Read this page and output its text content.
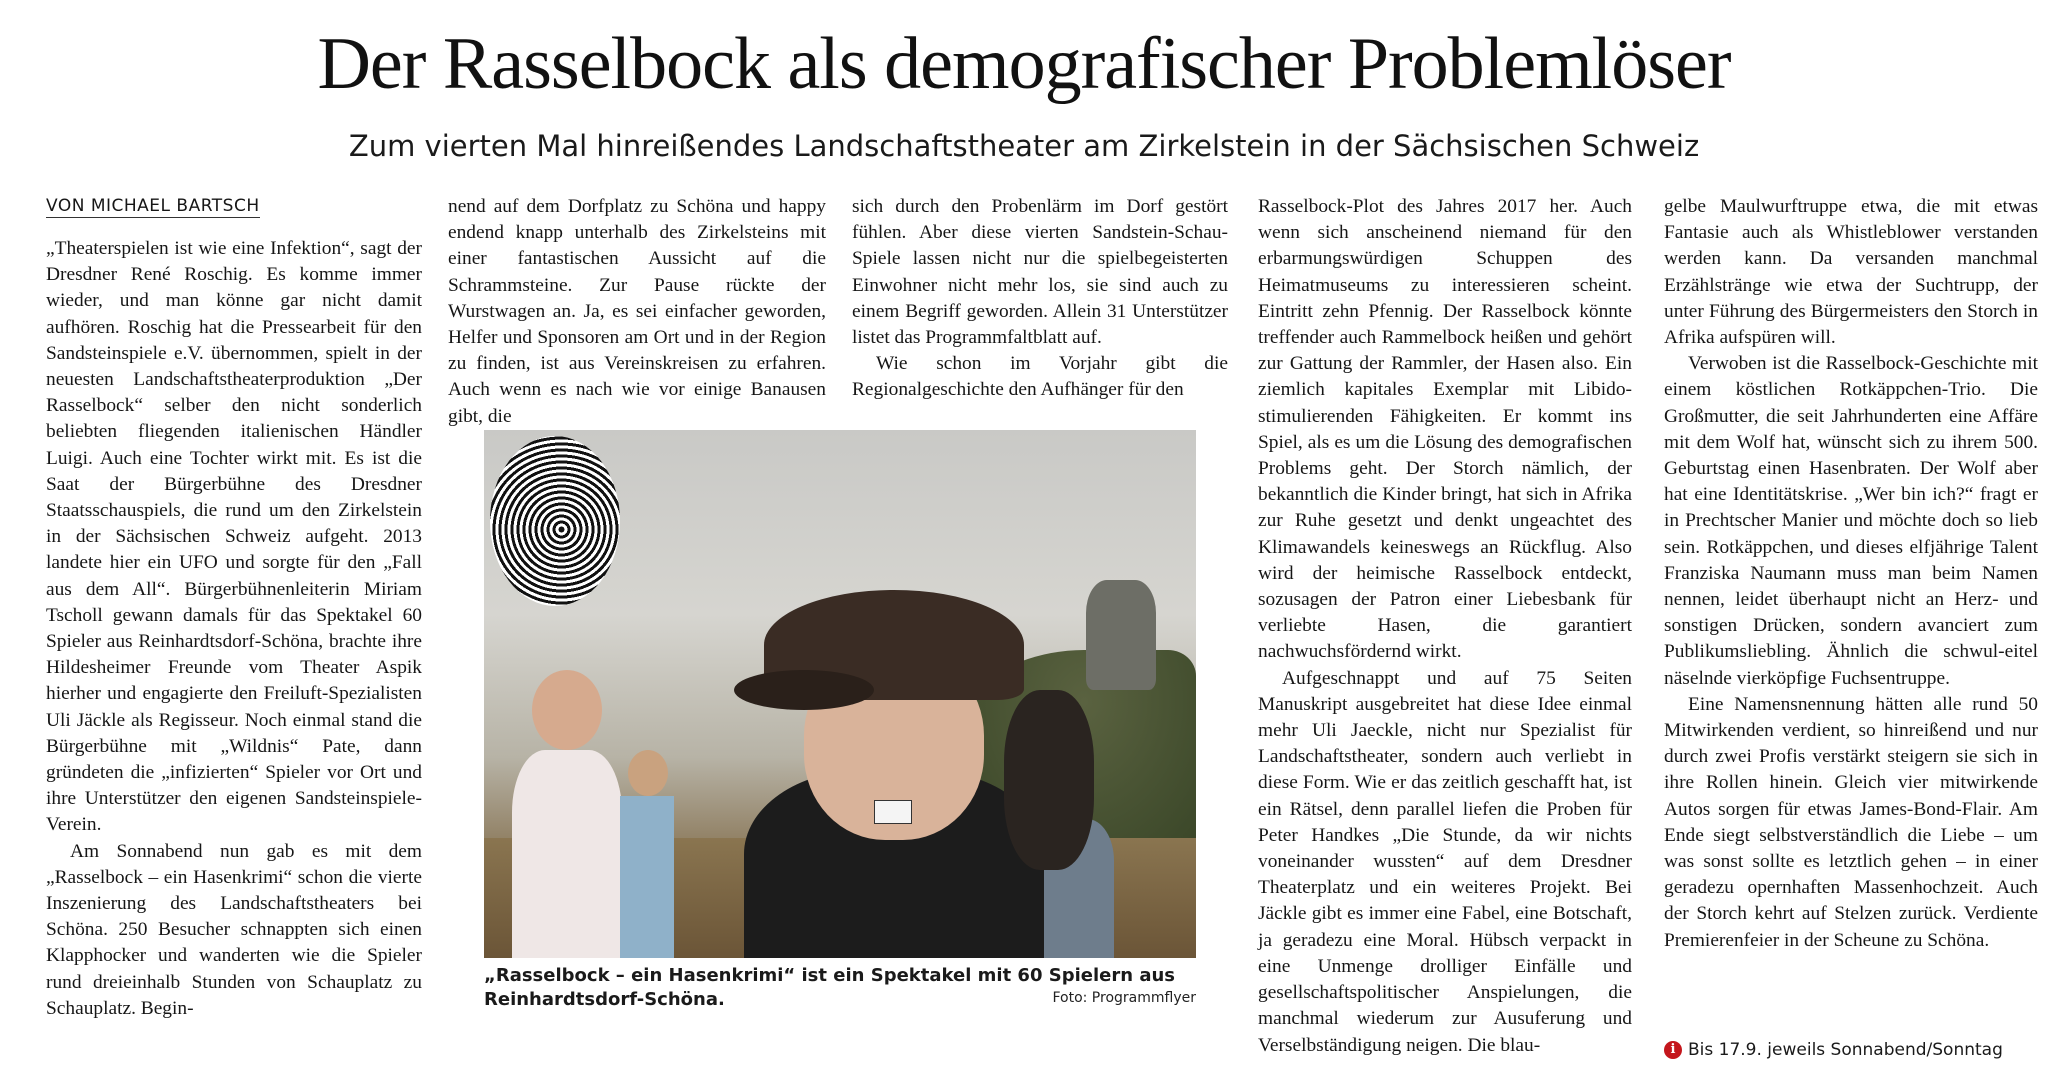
Der Rasselbock als demografischer Problemlöser
Zum vierten Mal hinreißendes Landschaftstheater am Zirkelstein in der Sächsischen Schweiz
VON MICHAEL BARTSCH

„Theaterspielen ist wie eine Infektion“, sagt der Dresdner René Roschig. Es komme immer wieder, und man könne gar nicht damit aufhören. Roschig hat die Pressearbeit für den Sandsteinspiele e.V. übernommen, spielt in der neuesten Landschaftstheaterproduktion „Der Rasselbock“ selber den nicht sonderlich beliebten fliegenden italienischen Händler Luigi. Auch eine Tochter wirkt mit. Es ist die Saat der Bürgerbühne des Dresdner Staatsschauspiels, die rund um den Zirkelstein in der Sächsischen Schweiz aufgeht. 2013 landete hier ein UFO und sorgte für den „Fall aus dem All“. Bürgerbühnenleiterin Miriam Tscholl gewann damals für das Spektakel 60 Spieler aus Reinhardtsdorf-Schöna, brachte ihre Hildesheimer Freunde vom Theater Aspik hierher und engagierte den Freiluft-Spezialisten Uli Jäckle als Regisseur. Noch einmal stand die Bürgerbühne mit „Wildnis“ Pate, dann gründeten die „infizierten“ Spieler vor Ort und ihre Unterstützer den eigenen Sandsteinspiele-Verein.

Am Sonnabend nun gab es mit dem „Rasselbock – ein Hasenkrimi“ schon die vierte Inszenierung des Landschaftstheaters bei Schöna. 250 Besucher schnappten sich einen Klapphocker und wanderten wie die Spieler rund dreieinhalb Stunden von Schauplatz zu Schauplatz. Begin-

nend auf dem Dorfplatz zu Schöna und happy endend knapp unterhalb des Zirkelsteins mit einer fantastischen Aussicht auf die Schrammsteine. Zur Pause rückte der Wurstwagen an. Ja, es sei einfacher geworden, Helfer und Sponsoren am Ort und in der Region zu finden, ist aus Vereinskreisen zu erfahren. Auch wenn es nach wie vor einige Banausen gibt, die

sich durch den Probenlärm im Dorf gestört fühlen. Aber diese vierten Sandstein-Schau-Spiele lassen nicht nur die spielbegeisterten Einwohner nicht mehr los, sie sind auch zu einem Begriff geworden. Allein 31 Unterstützer listet das Programmfaltblatt auf.

Wie schon im Vorjahr gibt die Regionalgeschichte den Aufhänger für den

Rasselbock-Plot des Jahres 2017 her. Auch wenn sich anscheinend niemand für den erbarmungswürdigen Schuppen des Heimatmuseums zu interessieren scheint. Eintritt zehn Pfennig. Der Rasselbock könnte treffender auch Rammelbock heißen und gehört zur Gattung der Rammler, der Hasen also. Ein ziemlich kapitales Exemplar mit Libido-stimulierenden Fähigkeiten. Er kommt ins Spiel, als es um die Lösung des demografischen Problems geht. Der Storch nämlich, der bekanntlich die Kinder bringt, hat sich in Afrika zur Ruhe gesetzt und denkt ungeachtet des Klimawandels keineswegs an Rückflug. Also wird der heimische Rasselbock entdeckt, sozusagen der Patron einer Liebesbank für verliebte Hasen, die garantiert nachwuchsfördernd wirkt.

Aufgeschnappt und auf 75 Seiten Manuskript ausgebreitet hat diese Idee einmal mehr Uli Jaeckle, nicht nur Spezialist für Landschaftstheater, sondern auch verliebt in diese Form. Wie er das zeitlich geschafft hat, ist ein Rätsel, denn parallel liefen die Proben für Peter Handkes „Die Stunde, da wir nichts voneinander wussten“ auf dem Dresdner Theaterplatz und ein weiteres Projekt. Bei Jäckle gibt es immer eine Fabel, eine Botschaft, ja geradezu eine Moral. Hübsch verpackt in eine Unmenge drolliger Einfälle und gesellschaftspolitischer Anspielungen, die manchmal wiederum zur Ausuferung und Verselbständigung neigen. Die blau-

gelbe Maulwurftruppe etwa, die mit etwas Fantasie auch als Whistleblower verstanden werden kann. Da versanden manchmal Erzählstränge wie etwa der Suchtrupp, der unter Führung des Bürgermeisters den Storch in Afrika aufspüren will.

Verwoben ist die Rasselbock-Geschichte mit einem köstlichen Rotkäppchen-Trio. Die Großmutter, die seit Jahrhunderten eine Affäre mit dem Wolf hat, wünscht sich zu ihrem 500. Geburtstag einen Hasenbraten. Der Wolf aber hat eine Identitätskrise. „Wer bin ich?“ fragt er in Prechtscher Manier und möchte doch so lieb sein. Rotkäppchen, und dieses elfjährige Talent Franziska Naumann muss man beim Namen nennen, leidet überhaupt nicht an Herz- und sonstigen Drücken, sondern avanciert zum Publikumsliebling. Ähnlich die schwul-eitel näselnde vierköpfige Fuchsentruppe.

Eine Namensnennung hätten alle rund 50 Mitwirkenden verdient, so hinreißend und nur durch zwei Profis verstärkt steigern sie sich in ihre Rollen hinein. Gleich vier mitwirkende Autos sorgen für etwas James-Bond-Flair. Am Ende siegt selbstverständlich die Liebe – um was sonst sollte es letztlich gehen – in einer geradezu opernhaften Massenhochzeit. Auch der Storch kehrt auf Stelzen zurück. Verdiente Premierenfeier in der Scheune zu Schöna.

„Rasselbock – ein Hasenkrimi“ ist ein Spektakel mit 60 Spielern aus Reinhardtsdorf-Schöna.	Foto: Programmflyer
i Bis 17.9. jeweils Sonnabend/Sonntag
